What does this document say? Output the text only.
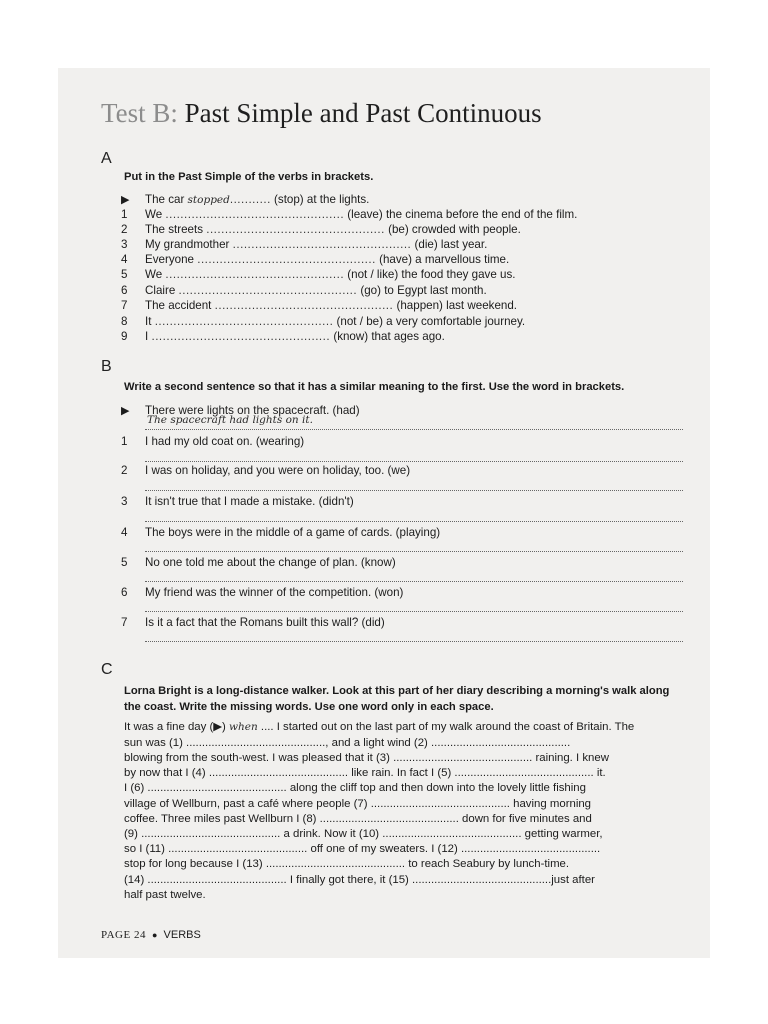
Test B: Past Simple and Past Continuous
A
Put in the Past Simple of the verbs in brackets.
▶ The car stopped........... (stop) at the lights.
1 We ................................................ (leave) the cinema before the end of the film.
2 The streets ................................................ (be) crowded with people.
3 My grandmother ................................................ (die) last year.
4 Everyone ................................................ (have) a marvellous time.
5 We ................................................ (not / like) the food they gave us.
6 Claire ................................................ (go) to Egypt last month.
7 The accident ................................................ (happen) last weekend.
8 It ................................................ (not / be) a very comfortable journey.
9 I ................................................ (know) that ages ago.
B
Write a second sentence so that it has a similar meaning to the first. Use the word in brackets.
▶ There were lights on the spacecraft. (had)
The spacecraft had lights on it.
1 I had my old coat on. (wearing)
2 I was on holiday, and you were on holiday, too. (we)
3 It isn't true that I made a mistake. (didn't)
4 The boys were in the middle of a game of cards. (playing)
5 No one told me about the change of plan. (know)
6 My friend was the winner of the competition. (won)
7 Is it a fact that the Romans built this wall? (did)
C
Lorna Bright is a long-distance walker. Look at this part of her diary describing a morning's walk along the coast. Write the missing words. Use one word only in each space.
It was a fine day (▶) when .... I started out on the last part of my walk around the coast of Britain. The
sun was (1) ............................................, and a light wind (2) ............................................
blowing from the south-west. I was pleased that it (3) ............................................ raining. I knew
by now that I (4) ............................................ like rain. In fact I (5) ............................................ it.
I (6) ............................................ along the cliff top and then down into the lovely little fishing
village of Wellburn, past a café where people (7) ............................................ having morning
coffee. Three miles past Wellburn I (8) ............................................ down for five minutes and
(9) ............................................ a drink. Now it (10) ............................................ getting warmer,
so I (11) ............................................ off one of my sweaters. I (12) ............................................
stop for long because I (13) ............................................ to reach Seabury by lunch-time.
(14) ............................................ I finally got there, it (15) ............................................just after
half past twelve.
PAGE 24 ● VERBS
